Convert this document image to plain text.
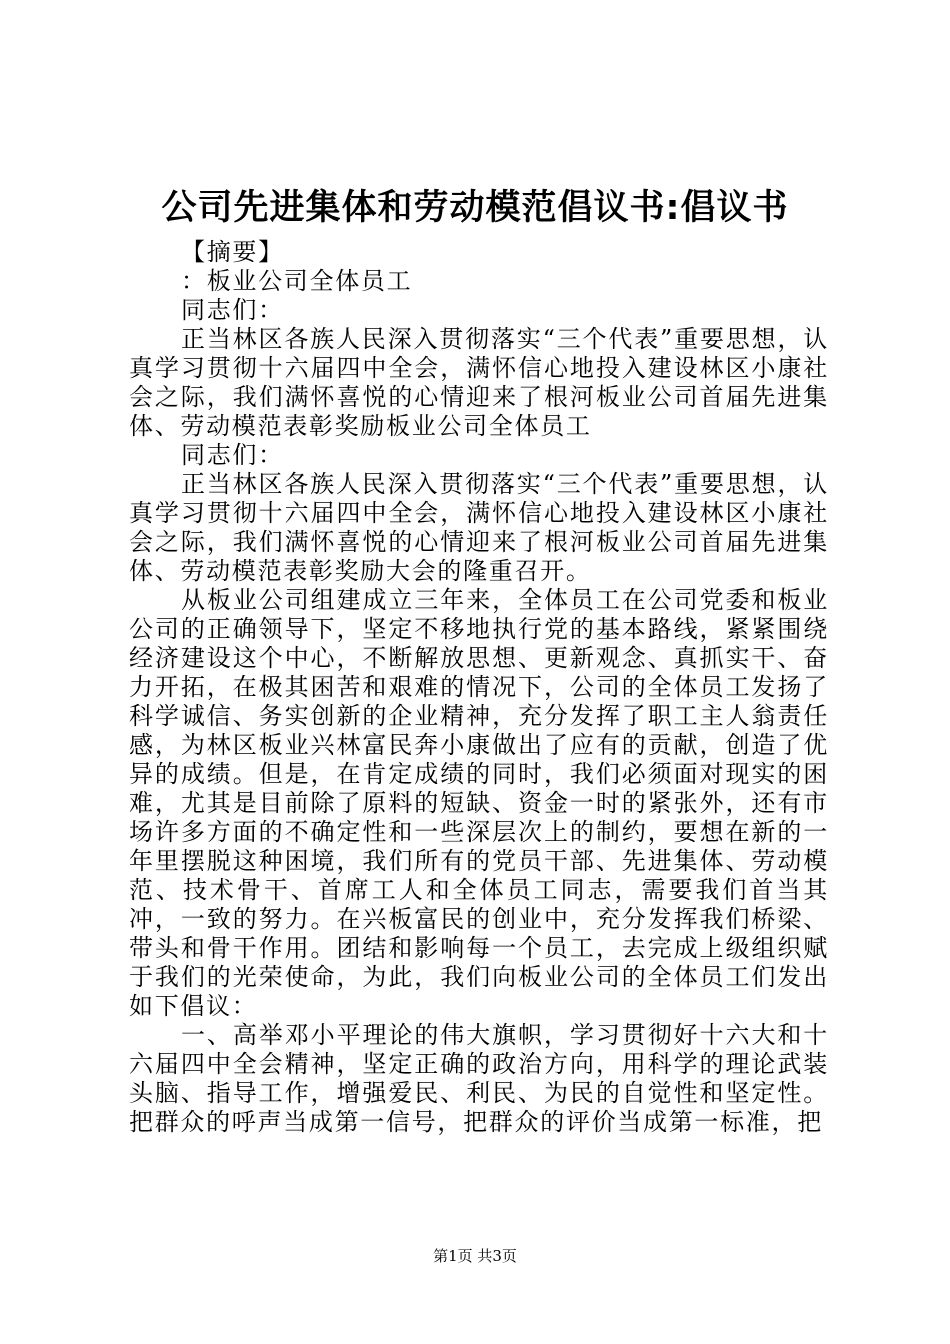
公司先进集体和劳动模范倡议书:倡议书

【摘要】

：板业公司全体员工

同志们：

正当林区各族人民深入贯彻落实“三个代表”重要思想，认真学习贯彻十六届四中全会，满怀信心地投入建设林区小康社会之际，我们满怀喜悦的心情迎来了根河板业公司首届先进集体、劳动模范表彰奖励板业公司全体员工

同志们：

正当林区各族人民深入贯彻落实“三个代表”重要思想，认真学习贯彻十六届四中全会，满怀信心地投入建设林区小康社会之际，我们满怀喜悦的心情迎来了根河板业公司首届先进集体、劳动模范表彰奖励大会的隆重召开。

从板业公司组建成立三年来，全体员工在公司党委和板业公司的正确领导下，坚定不移地执行党的基本路线，紧紧围绕经济建设这个中心，不断解放思想、更新观念、真抓实干、奋力开拓，在极其困苦和艰难的情况下，公司的全体员工发扬了科学诚信、务实创新的企业精神，充分发挥了职工主人翁责任感，为林区板业兴林富民奔小康做出了应有的贡献，创造了优异的成绩。但是，在肯定成绩的同时，我们必须面对现实的困难，尤其是目前除了原料的短缺、资金一时的紧张外，还有市场许多方面的不确定性和一些深层次上的制约，要想在新的一年里摆脱这种困境，我们所有的党员干部、先进集体、劳动模范、技术骨干、首席工人和全体员工同志，需要我们首当其冲，一致的努力。在兴板富民的创业中，充分发挥我们桥梁、带头和骨干作用。团结和影响每一个员工，去完成上级组织赋于我们的光荣使命，为此，我们向板业公司的全体员工们发出如下倡议：

一、高举邓小平理论的伟大旗帜，学习贯彻好十六大和十六届四中全会精神，坚定正确的政治方向，用科学的理论武装头脑、指导工作，增强爱民、利民、为民的自觉性和坚定性。把群众的呼声当成第一信号，把群众的评价当成第一标准，把

第1页 共3页
